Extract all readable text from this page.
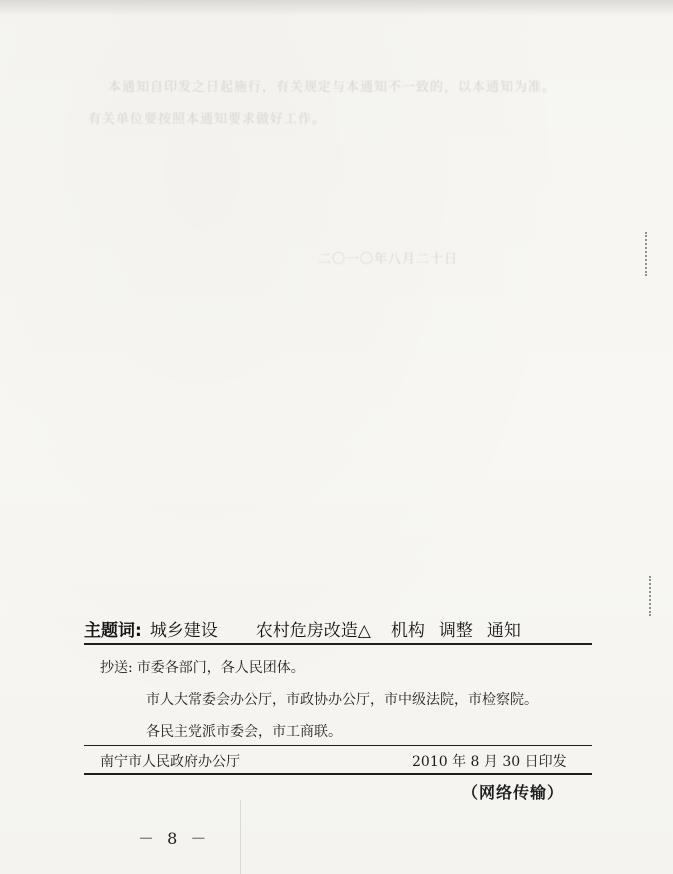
本通知自印发之日起施行，有关规定与本通知不一致的，以本通知为准。
有关单位要按照本通知要求做好工作。
二〇一〇年八月二十日
主题词: 城乡建设 农村危房改造△ 机构 调整 通知
抄送: 市委各部门，各人民团体。
市人大常委会办公厅，市政协办公厅，市中级法院，市检察院。
各民主党派市委会，市工商联。
南宁市人民政府办公厅	2010 年 8 月 30 日印发
（网络传输）
－ 8 －
